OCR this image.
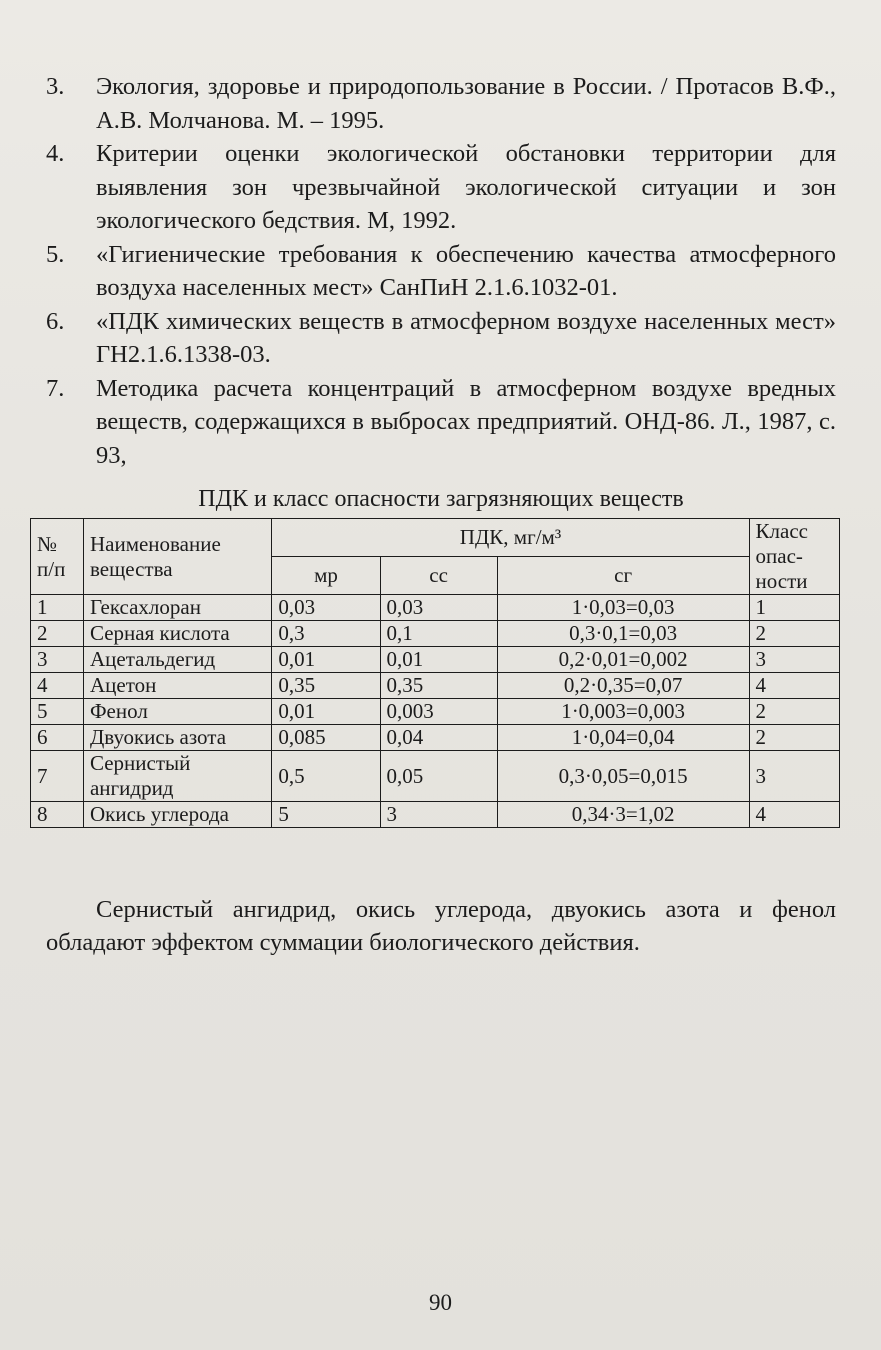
3. Экология, здоровье и природопользование в России. / Протасов В.Ф., А.В. Молчанова. М. – 1995.
4. Критерии оценки экологической обстановки территории для выявления зон чрезвычайной экологической ситуации и зон экологического бедствия. М, 1992.
5. «Гигиенические требования к обеспечению качества атмосферного воздуха населенных мест» СанПиН 2.1.6.1032-01.
6. «ПДК химических веществ в атмосферном воздухе населенных мест» ГН2.1.6.1338-03.
7. Методика расчета концентраций в атмосферном воздухе вредных веществ, содержащихся в выбросах предприятий. ОНД-86. Л., 1987, с. 93,
ПДК и класс опасности загрязняющих веществ
№ п/п	Наименование вещества	ПДК, мг/м³			Класс опас-ности
		мр	сс	сг	
1	Гексахлоран	0,03	0,03	1·0,03=0,03	1
2	Серная кислота	0,3	0,1	0,3·0,1=0,03	2
3	Ацетальдегид	0,01	0,01	0,2·0,01=0,002	3
4	Ацетон	0,35	0,35	0,2·0,35=0,07	4
5	Фенол	0,01	0,003	1·0,003=0,003	2
6	Двуокись азота	0,085	0,04	1·0,04=0,04	2
7	Сернистый ангидрид	0,5	0,05	0,3·0,05=0,015	3
8	Окись углерода	5	3	0,34·3=1,02	4

Сернистый ангидрид, окись углерода, двуокись азота и фенол обладают эффектом суммации биологического действия.

90
